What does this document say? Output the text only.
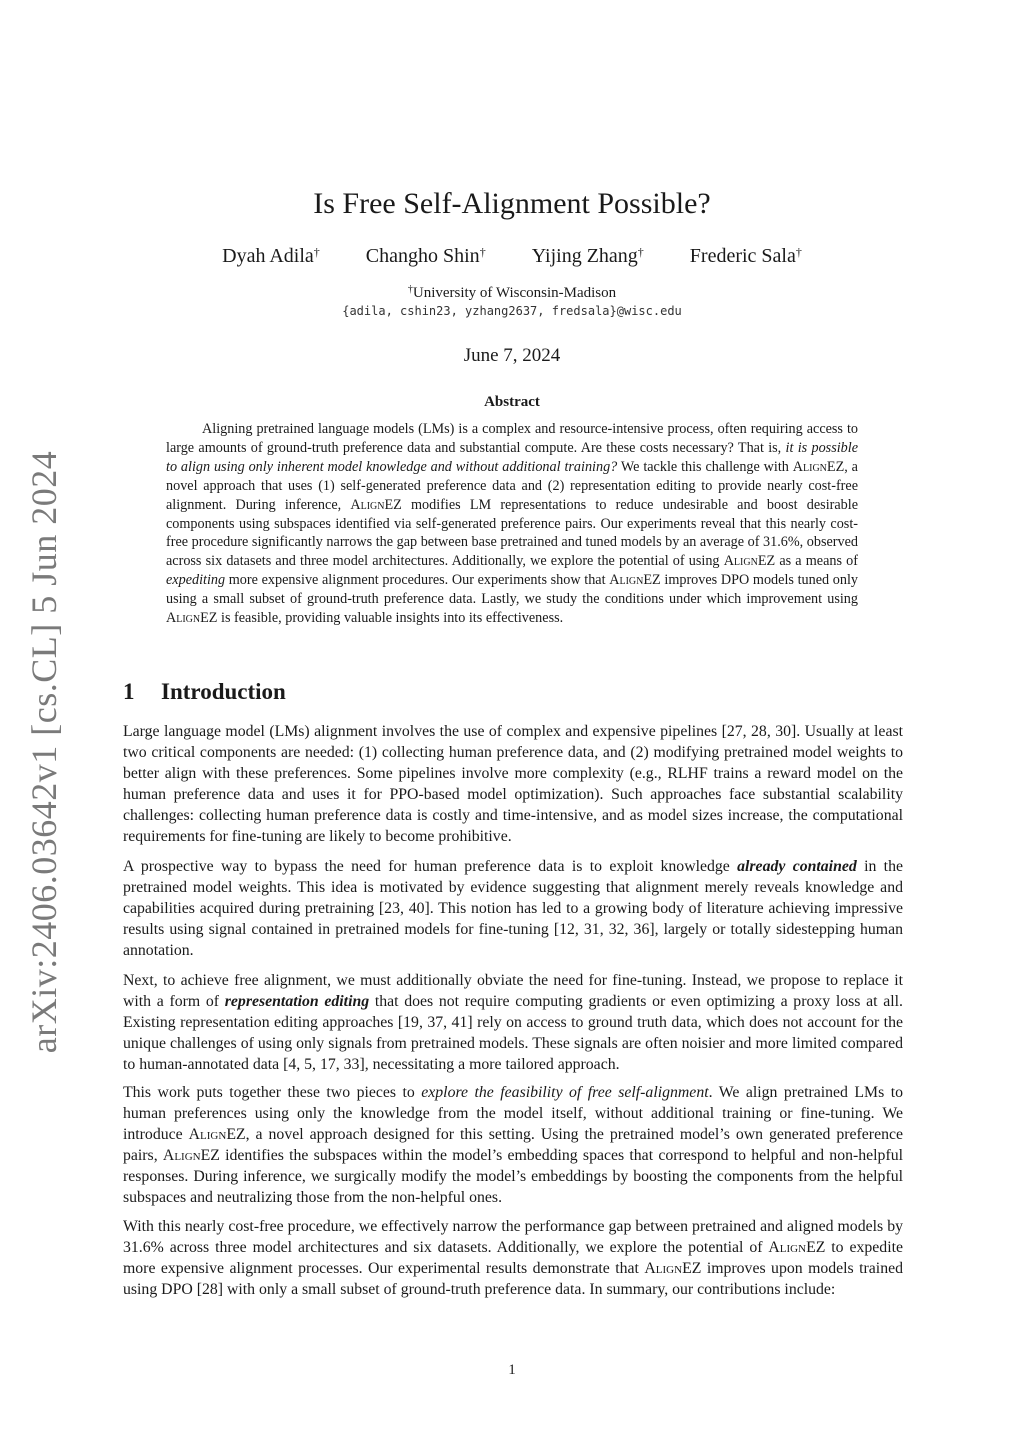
arXiv:2406.03642v1 [cs.CL] 5 Jun 2024
Is Free Self-Alignment Possible?
Dyah Adila† Changho Shin† Yijing Zhang† Frederic Sala†
†University of Wisconsin-Madison
{adila, cshin23, yzhang2637, fredsala}@wisc.edu
June 7, 2024
Abstract

Aligning pretrained language models (LMs) is a complex and resource-intensive process, often requiring access to large amounts of ground-truth preference data and substantial compute. Are these costs necessary? That is, it is possible to align using only inherent model knowledge and without additional training? We tackle this challenge with AlignEZ, a novel approach that uses (1) self-generated preference data and (2) representation editing to provide nearly cost-free alignment. During inference, AlignEZ modifies LM representations to reduce undesirable and boost desirable components using subspaces identified via self-generated preference pairs. Our experiments reveal that this nearly cost-free procedure significantly narrows the gap between base pretrained and tuned models by an average of 31.6%, observed across six datasets and three model architectures. Additionally, we explore the potential of using AlignEZ as a means of expediting more expensive alignment procedures. Our experiments show that AlignEZ improves DPO models tuned only using a small subset of ground-truth preference data. Lastly, we study the conditions under which improvement using AlignEZ is feasible, providing valuable insights into its effectiveness.

1 Introduction

Large language model (LMs) alignment involves the use of complex and expensive pipelines [27, 28, 30]. Usually at least two critical components are needed: (1) collecting human preference data, and (2) modifying pretrained model weights to better align with these preferences. Some pipelines involve more complexity (e.g., RLHF trains a reward model on the human preference data and uses it for PPO-based model optimization). Such approaches face substantial scalability challenges: collecting human preference data is costly and time-intensive, and as model sizes increase, the computational requirements for fine-tuning are likely to become prohibitive.

A prospective way to bypass the need for human preference data is to exploit knowledge already contained in the pretrained model weights. This idea is motivated by evidence suggesting that alignment merely reveals knowledge and capabilities acquired during pretraining [23, 40]. This notion has led to a growing body of literature achieving impressive results using signal contained in pretrained models for fine-tuning [12, 31, 32, 36], largely or totally sidestepping human annotation.

Next, to achieve free alignment, we must additionally obviate the need for fine-tuning. Instead, we propose to replace it with a form of representation editing that does not require computing gradients or even optimizing a proxy loss at all. Existing representation editing approaches [19, 37, 41] rely on access to ground truth data, which does not account for the unique challenges of using only signals from pretrained models. These signals are often noisier and more limited compared to human-annotated data [4, 5, 17, 33], necessitating a more tailored approach.

This work puts together these two pieces to explore the feasibility of free self-alignment. We align pretrained LMs to human preferences using only the knowledge from the model itself, without additional training or fine-tuning. We introduce AlignEZ, a novel approach designed for this setting. Using the pretrained model’s own generated preference pairs, AlignEZ identifies the subspaces within the model’s embedding spaces that correspond to helpful and non-helpful responses. During inference, we surgically modify the model’s embeddings by boosting the components from the helpful subspaces and neutralizing those from the non-helpful ones.

With this nearly cost-free procedure, we effectively narrow the performance gap between pretrained and aligned models by 31.6% across three model architectures and six datasets. Additionally, we explore the potential of AlignEZ to expedite more expensive alignment processes. Our experimental results demonstrate that AlignEZ improves upon models trained using DPO [28] with only a small subset of ground-truth preference data. In summary, our contributions include:

1
